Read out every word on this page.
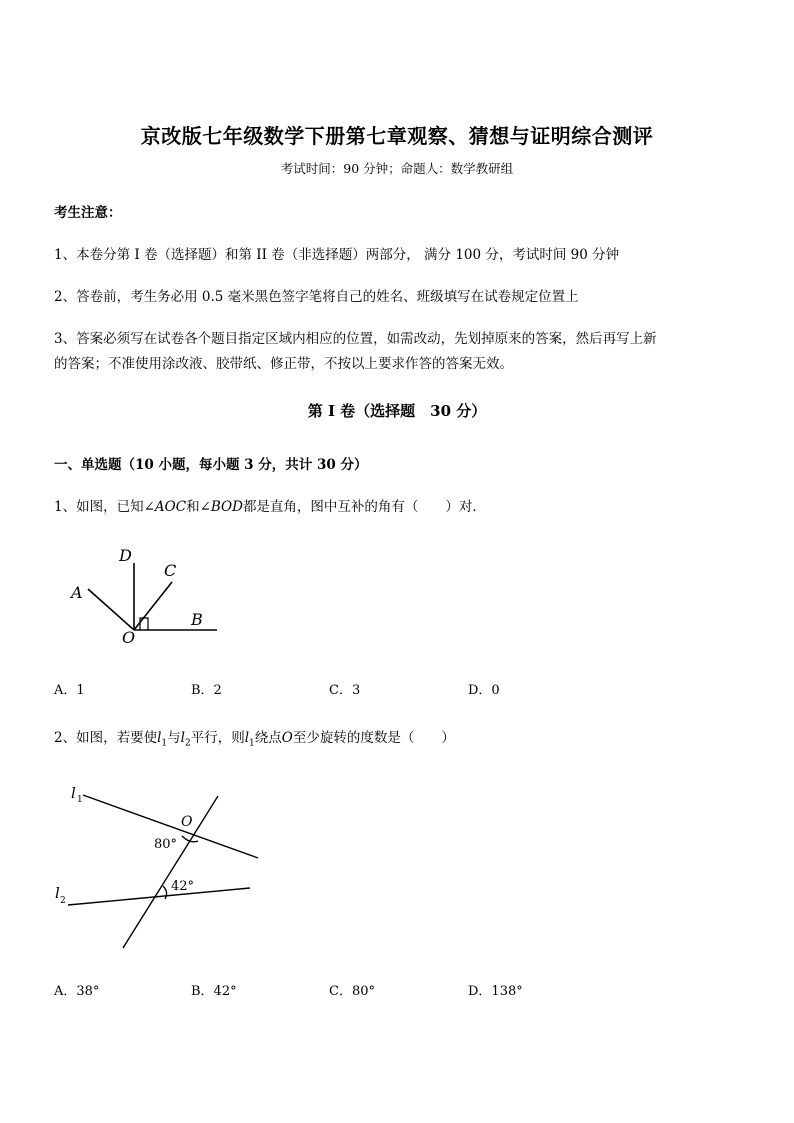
京改版七年级数学下册第七章观察、猜想与证明综合测评
考试时间：90 分钟；命题人：数学教研组
考生注意：
1、本卷分第 I 卷（选择题）和第 II 卷（非选择题）两部分， 满分 100 分，考试时间 90 分钟
2、答卷前，考生务必用 0.5 毫米黑色签字笔将自己的姓名、班级填写在试卷规定位置上
3、答案必须写在试卷各个题目指定区域内相应的位置，如需改动，先划掉原来的答案，然后再写上新
的答案；不准使用涂改液、胶带纸、修正带，不按以上要求作答的答案无效。
第 I 卷（选择题　30 分）
一、单选题（10 小题，每小题 3 分，共计 30 分）
1、如图，已知∠AOC和∠BOD都是直角，图中互补的角有（　　）对．
A
D
C
B
O
A．1	B．2	C．3	D．0
2、如图，若要使$l_1$与$l_2$平行，则$l_1$绕点O至少旋转的度数是（　　）
l 1
l 2
O
80°
42°
A．38°	B．42°	C．80°	D．138°
